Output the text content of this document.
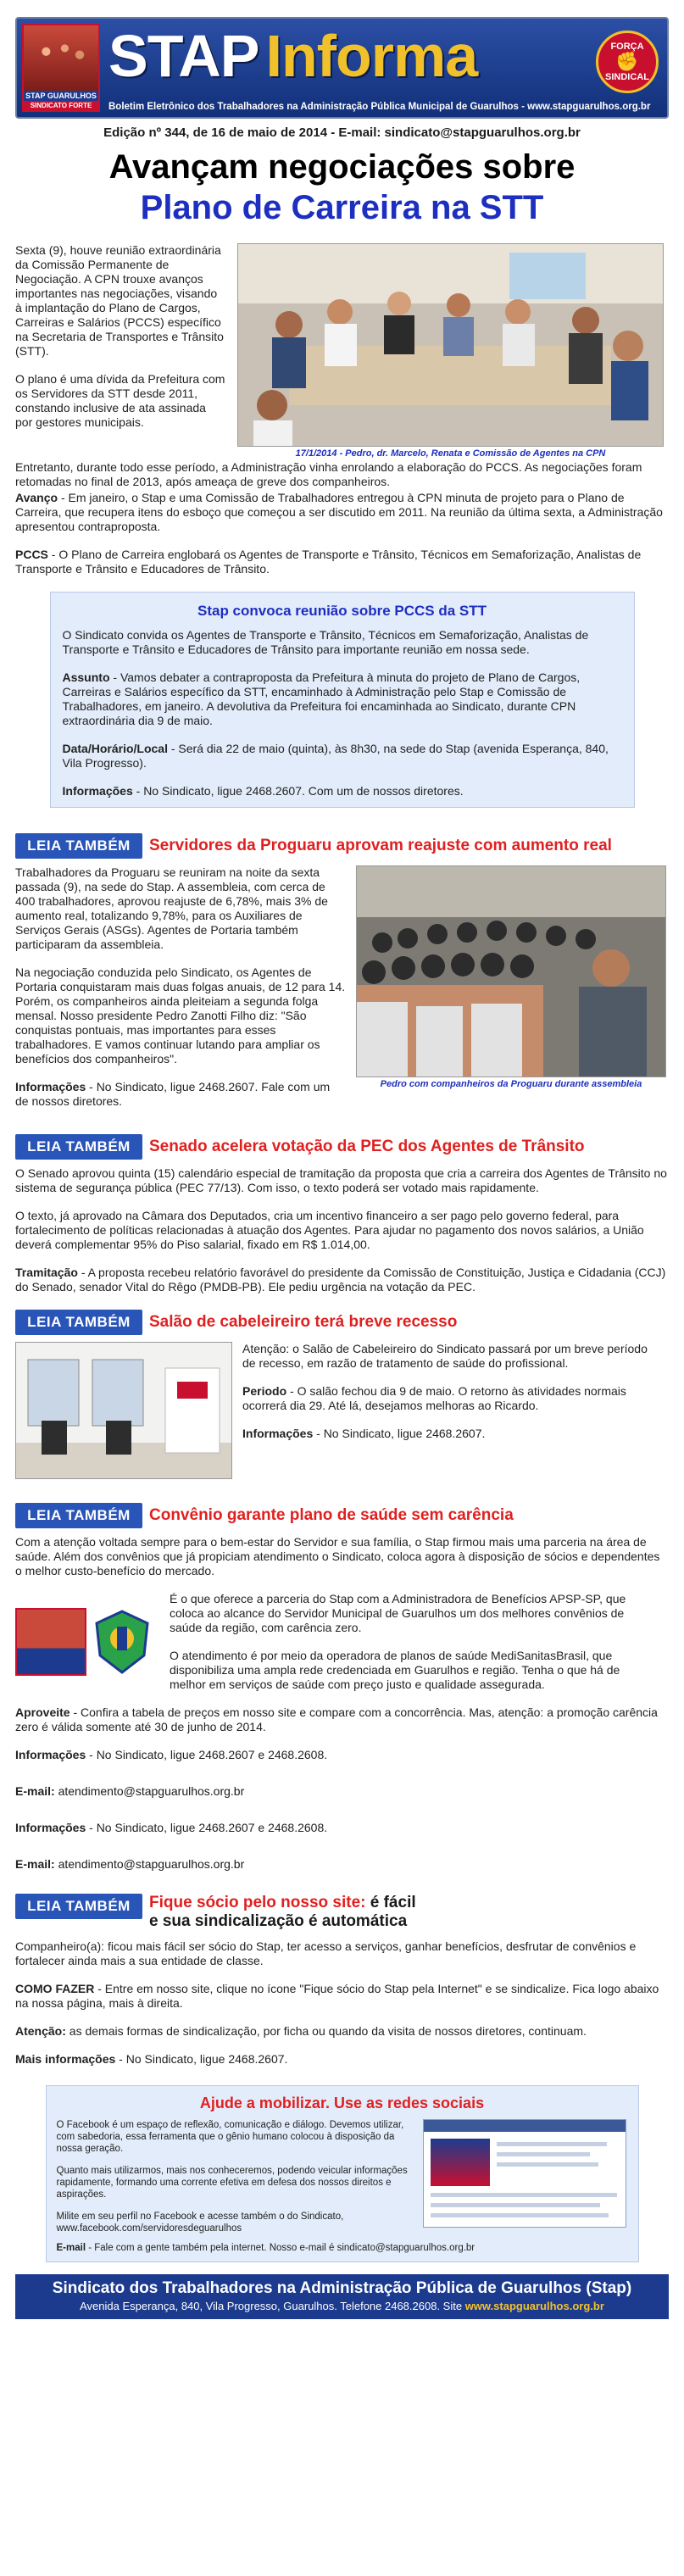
STAP GUARULHOS
SINDICATO FORTE
STAP Informa	FORÇA
✊
SINDICAL
Boletim Eletrônico dos Trabalhadores na Administração Pública Municipal de Guarulhos - www.stapguarulhos.org.br
Edição nº 344, de 16 de maio de 2014 - E-mail: sindicato@stapguarulhos.org.br
Avançam negociações sobre
Plano de Carreira na STT

Sexta (9), houve reunião extraordinária da Comissão Permanente de Negociação. A CPN trouxe avanços importantes nas negociações, visando à implantação do Plano de Cargos, Carreiras e Salários (PCCS) específico na Secretaria de Transportes e Trânsito (STT).

O plano é uma dívida da Prefeitura com os Servidores da STT desde 2011, constando inclusive de ata assinada por gestores municipais.

17/1/2014 - Pedro, dr. Marcelo, Renata e Comissão de Agentes na CPN

Entretanto, durante todo esse período, a Administração vinha enrolando a elaboração do PCCS. As negociações foram retomadas no final de 2013, após ameaça de greve dos companheiros.

Avanço - Em janeiro, o Stap e uma Comissão de Trabalhadores entregou à CPN minuta de projeto para o Plano de Carreira, que recupera itens do esboço que começou a ser discutido em 2011. Na reunião da última sexta, a Administração apresentou contraproposta.

PCCS - O Plano de Carreira englobará os Agentes de Transporte e Trânsito, Técnicos em Semaforização, Analistas de Transporte e Trânsito e Educadores de Trânsito.

Stap convoca reunião sobre PCCS da STT

O Sindicato convida os Agentes de Transporte e Trânsito, Técnicos em Semaforização, Analistas de Transporte e Trânsito e Educadores de Trânsito para importante reunião em nossa sede.

Assunto - Vamos debater a contraproposta da Prefeitura à minuta do projeto de Plano de Cargos, Carreiras e Salários específico da STT, encaminhado à Administração pelo Stap e Comissão de Trabalhadores, em janeiro. A devolutiva da Prefeitura foi encaminhada ao Sindicato, durante CPN extraordinária dia 9 de maio.

Data/Horário/Local - Será dia 22 de maio (quinta), às 8h30, na sede do Stap (avenida Esperança, 840, Vila Progresso).

Informações - No Sindicato, ligue 2468.2607. Com um de nossos diretores.

LEIA TAMBÉM	Servidores da Proguaru aprovam reajuste com aumento real

Trabalhadores da Proguaru se reuniram na noite da sexta passada (9), na sede do Stap. A assembleia, com cerca de 400 trabalhadores, aprovou reajuste de 6,78%, mais 3% de aumento real, totalizando 9,78%, para os Auxiliares de Serviços Gerais (ASGs). Agentes de Portaria também participaram da assembleia.

Na negociação conduzida pelo Sindicato, os Agentes de Portaria conquistaram mais duas folgas anuais, de 12 para 14. Porém, os companheiros ainda pleiteiam a segunda folga mensal. Nosso presidente Pedro Zanotti Filho diz: "São conquistas pontuais, mas importantes para esses trabalhadores. E vamos continuar lutando para ampliar os benefícios dos companheiros".

Informações - No Sindicato, ligue 2468.2607. Fale com um de nossos diretores.

Pedro com companheiros da Proguaru durante assembleia
LEIA TAMBÉM	Senado acelera votação da PEC dos Agentes de Trânsito

O Senado aprovou quinta (15) calendário especial de tramitação da proposta que cria a carreira dos Agentes de Trânsito no sistema de segurança pública (PEC 77/13). Com isso, o texto poderá ser votado mais rapidamente.

O texto, já aprovado na Câmara dos Deputados, cria um incentivo financeiro a ser pago pelo governo federal, para fortalecimento de políticas relacionadas à atuação dos Agentes. Para ajudar no pagamento dos novos salários, a União deverá complementar 95% do Piso salarial, fixado em R$ 1.014,00.

Tramitação - A proposta recebeu relatório favorável do presidente da Comissão de Constituição, Justiça e Cidadania (CCJ) do Senado, senador Vital do Rêgo (PMDB-PB). Ele pediu urgência na votação da PEC.

LEIA TAMBÉM	Salão de cabeleireiro terá breve recesso

Atenção: o Salão de Cabeleireiro do Sindicato passará por um breve período de recesso, em razão de tratamento de saúde do profissional.

Periodo - O salão fechou dia 9 de maio. O retorno às atividades normais ocorrerá dia 29. Até lá, desejamos melhoras ao Ricardo.

Informações - No Sindicato, ligue 2468.2607.

LEIA TAMBÉM	Convênio garante plano de saúde sem carência

Com a atenção voltada sempre para o bem-estar do Servidor e sua família, o Stap firmou mais uma parceria na área de saúde. Além dos convênios que já propiciam atendimento o Sindicato, coloca agora à disposição de sócios e dependentes o melhor custo-benefício do mercado.

É o que oferece a parceria do Stap com a Administradora de Benefícios APSP-SP, que coloca ao alcance do Servidor Municipal de Guarulhos um dos melhores convênios de saúde da região, com carência zero.

O atendimento é por meio da operadora de planos de saúde MediSanitasBrasil, que disponibiliza uma ampla rede credenciada em Guarulhos e região. Tenha o que há de melhor em serviços de saúde com preço justo e qualidade assegurada.

Aproveite - Confira a tabela de preços em nosso site e compare com a concorrência. Mas, atenção: a promoção carência zero é válida somente até 30 de junho de 2014.

Informações - No Sindicato, ligue 2468.2607 e 2468.2608.

E-mail: atendimento@stapguarulhos.org.br

Informações - No Sindicato, ligue 2468.2607 e 2468.2608.

E-mail: atendimento@stapguarulhos.org.br

LEIA TAMBÉM	Fique sócio pelo nosso site: é fácil
e sua sindicalização é automática

Companheiro(a): ficou mais fácil ser sócio do Stap, ter acesso a serviços, ganhar benefícios, desfrutar de convênios e fortalecer ainda mais a sua entidade de classe.

COMO FAZER - Entre em nosso site, clique no ícone "Fique sócio do Stap pela Internet" e se sindicalize. Fica logo abaixo na nossa página, mais à direita.

Atenção: as demais formas de sindicalização, por ficha ou quando da visita de nossos diretores, continuam.

Mais informações - No Sindicato, ligue 2468.2607.

Ajude a mobilizar. Use as redes sociais

O Facebook é um espaço de reflexão, comunicação e diálogo. Devemos utilizar, com sabedoria, essa ferramenta que o gênio humano colocou à disposição da nossa geração.

Quanto mais utilizarmos, mais nos conheceremos, podendo veicular informações rapidamente, formando uma corrente efetiva em defesa dos nossos direitos e aspirações.

Milite em seu perfil no Facebook e acesse também o do Sindicato, www.facebook.com/servidoresdeguarulhos

E-mail - Fale com a gente também pela internet. Nosso e-mail é sindicato@stapguarulhos.org.br
Sindicato dos Trabalhadores na Administração Pública de Guarulhos (Stap)
Avenida Esperança, 840, Vila Progresso, Guarulhos. Telefone 2468.2608. Site www.stapguarulhos.org.br
